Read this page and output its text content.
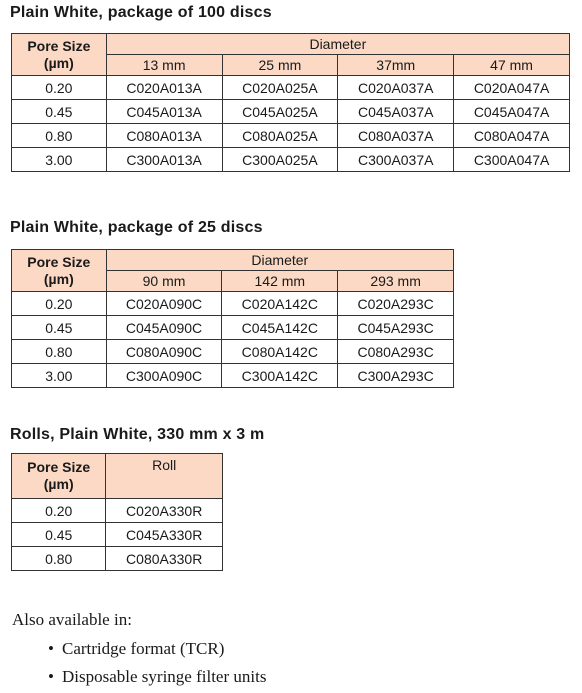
Plain White, package of 100 discs
Pore Size
(µm)	Diameter			
	13 mm	25 mm	37mm	47 mm
0.20	C020A013A	C020A025A	C020A037A	C020A047A
0.45	C045A013A	C045A025A	C045A037A	C045A047A
0.80	C080A013A	C080A025A	C080A037A	C080A047A
3.00	C300A013A	C300A025A	C300A037A	C300A047A
Plain White, package of 25 discs
Pore Size
(µm)	Diameter		
	90 mm	142 mm	293 mm
0.20	C020A090C	C020A142C	C020A293C
0.45	C045A090C	C045A142C	C045A293C
0.80	C080A090C	C080A142C	C080A293C
3.00	C300A090C	C300A142C	C300A293C
Rolls, Plain White, 330 mm x 3 m
Pore Size
(µm)	Roll
0.20	C020A330R
0.45	C045A330R
0.80	C080A330R
Also available in:
• Cartridge format (TCR)
• Disposable syringe filter units
